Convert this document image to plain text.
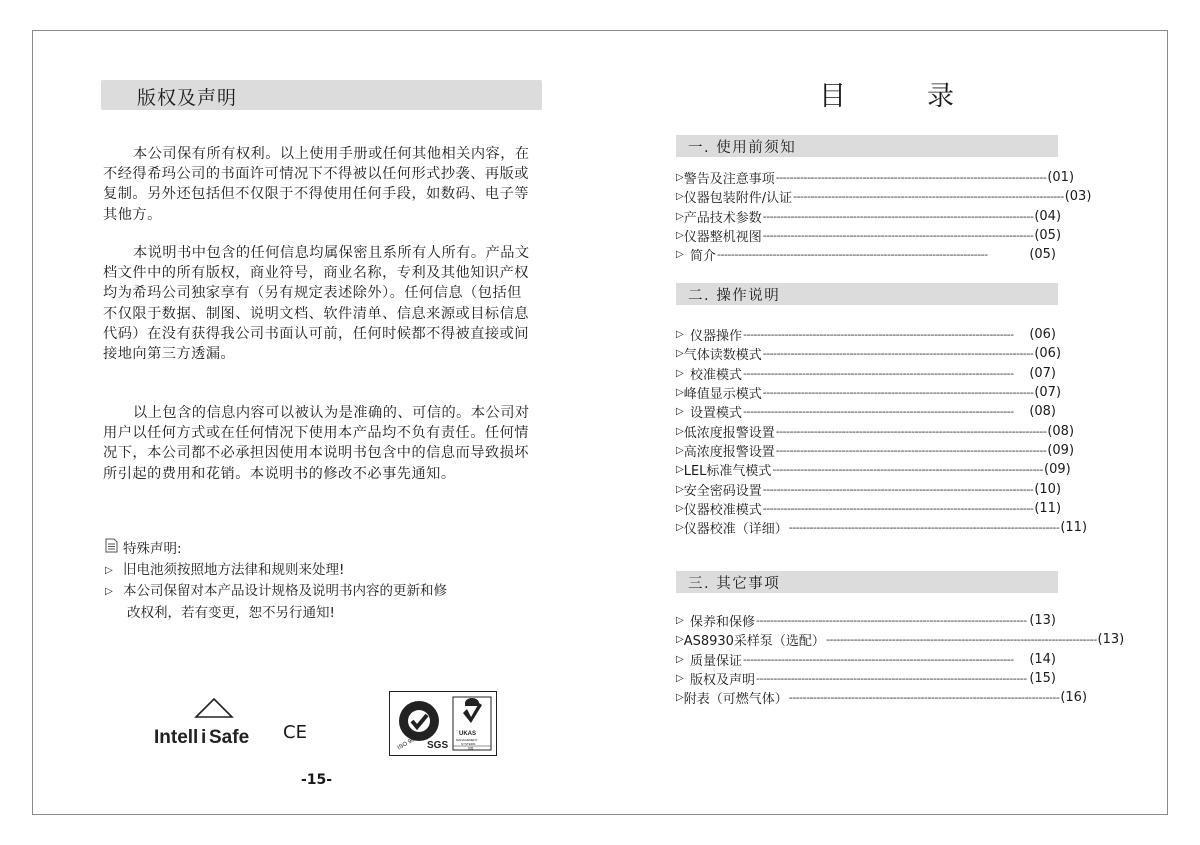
版权及声明

本公司保有所有权利。以上使用手册或任何其他相关内容，在不经得希玛公司的书面许可情况下不得被以任何形式抄袭、再版或复制。另外还包括但不仅限于不得使用任何手段，如数码、电子等其他方。

本说明书中包含的任何信息均属保密且系所有人所有。产品文档文件中的所有版权，商业符号，商业名称，专利及其他知识产权均为希玛公司独家享有（另有规定表述除外）。任何信息（包括但不仅限于数据、制图、说明文档、软件清单、信息来源或目标信息代码）在没有获得我公司书面认可前，任何时候都不得被直接或间接地向第三方透漏。

以上包含的信息内容可以被认为是准确的、可信的。本公司对用户以任何方式或在任何情况下使用本产品均不负有责任。任何情况下，本公司都不必承担因使用本说明书包含中的信息而导致损坏所引起的费用和花销。本说明书的修改不必事先通知。

特殊声明:
▷ 旧电池须按照地方法律和规则来处理!
▷ 本公司保留对本产品设计规格及说明书内容的更新和修
改权利，若有变更，恕不另行通知!
Intell i Safe CE
SGS
ISO 9001	UKAS
MANAGEMENT
SYSTEMS
005
-15-
目	录
一. 使用前须知
▷ 警告及注意事项 ------------------------------------------------------------------------------ (01)
▷ 仪器包装附件/认证 ------------------------------------------------------------------------------ (03)
▷ 产品技术参数 ------------------------------------------------------------------------------ (04)
▷ 仪器整机视图 ------------------------------------------------------------------------------ (05)
▷ 简介 ------------------------------------------------------------------------------	(05)
二. 操作说明
▷ 仪器操作 ------------------------------------------------------------------------------	(06)
▷ 气体读数模式 ------------------------------------------------------------------------------ (06)
▷ 校准模式 ------------------------------------------------------------------------------	(07)
▷ 峰值显示模式 ------------------------------------------------------------------------------ (07)
▷ 设置模式 ------------------------------------------------------------------------------	(08)
▷ 低浓度报警设置 ------------------------------------------------------------------------------ (08)
▷ 高浓度报警设置 ------------------------------------------------------------------------------ (09)
▷ LEL标准气模式 ------------------------------------------------------------------------------ (09)
▷ 安全密码设置 ------------------------------------------------------------------------------ (10)
▷ 仪器校准模式 ------------------------------------------------------------------------------ (11)
▷ 仪器校准（详细） ------------------------------------------------------------------------------ (11)
三. 其它事项
▷ 保养和保修 ------------------------------------------------------------------------------ (13)
▷ AS8930采样泵（选配） ------------------------------------------------------------------------------ (13)
▷ 质量保证 ------------------------------------------------------------------------------	(14)
▷ 版权及声明 ------------------------------------------------------------------------------ (15)
▷ 附表（可燃气体） ------------------------------------------------------------------------------ (16)
